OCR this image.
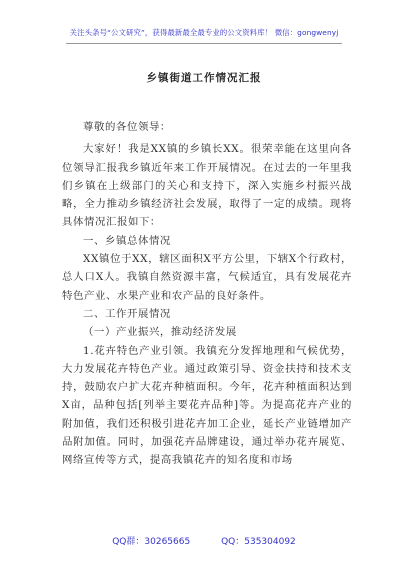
关注头条号“公文研究”，获得最新最全最专业的公文资料库！ 微信：gongwenyj
乡镇街道工作情况汇报

尊敬的各位领导：

大家好！我是XX镇的乡镇长XX。很荣幸能在这里向各位领导汇报我乡镇近年来工作开展情况。在过去的一年里我们乡镇在上级部门的关心和支持下，深入实施乡村振兴战略，全力推动乡镇经济社会发展，取得了一定的成绩。现将具体情况汇报如下：

一、乡镇总体情况

XX镇位于XX，辖区面积X平方公里，下辖X个行政村，总人口X人。我镇自然资源丰富，气候适宜，具有发展花卉特色产业、水果产业和农产品的良好条件。

二、工作开展情况

（一）产业振兴，推动经济发展

1.花卉特色产业引领。我镇充分发挥地理和气候优势，大力发展花卉特色产业。通过政策引导、资金扶持和技术支持，鼓励农户扩大花卉种植面积。今年，花卉种植面积达到X亩，品种包括[列举主要花卉品种]等。为提高花卉产业的附加值，我们还积极引进花卉加工企业，延长产业链增加产品附加值。同时，加强花卉品牌建设，通过举办花卉展览、网络宣传等方式，提高我镇花卉的知名度和市场

QQ群：30265665	QQ：535304092
